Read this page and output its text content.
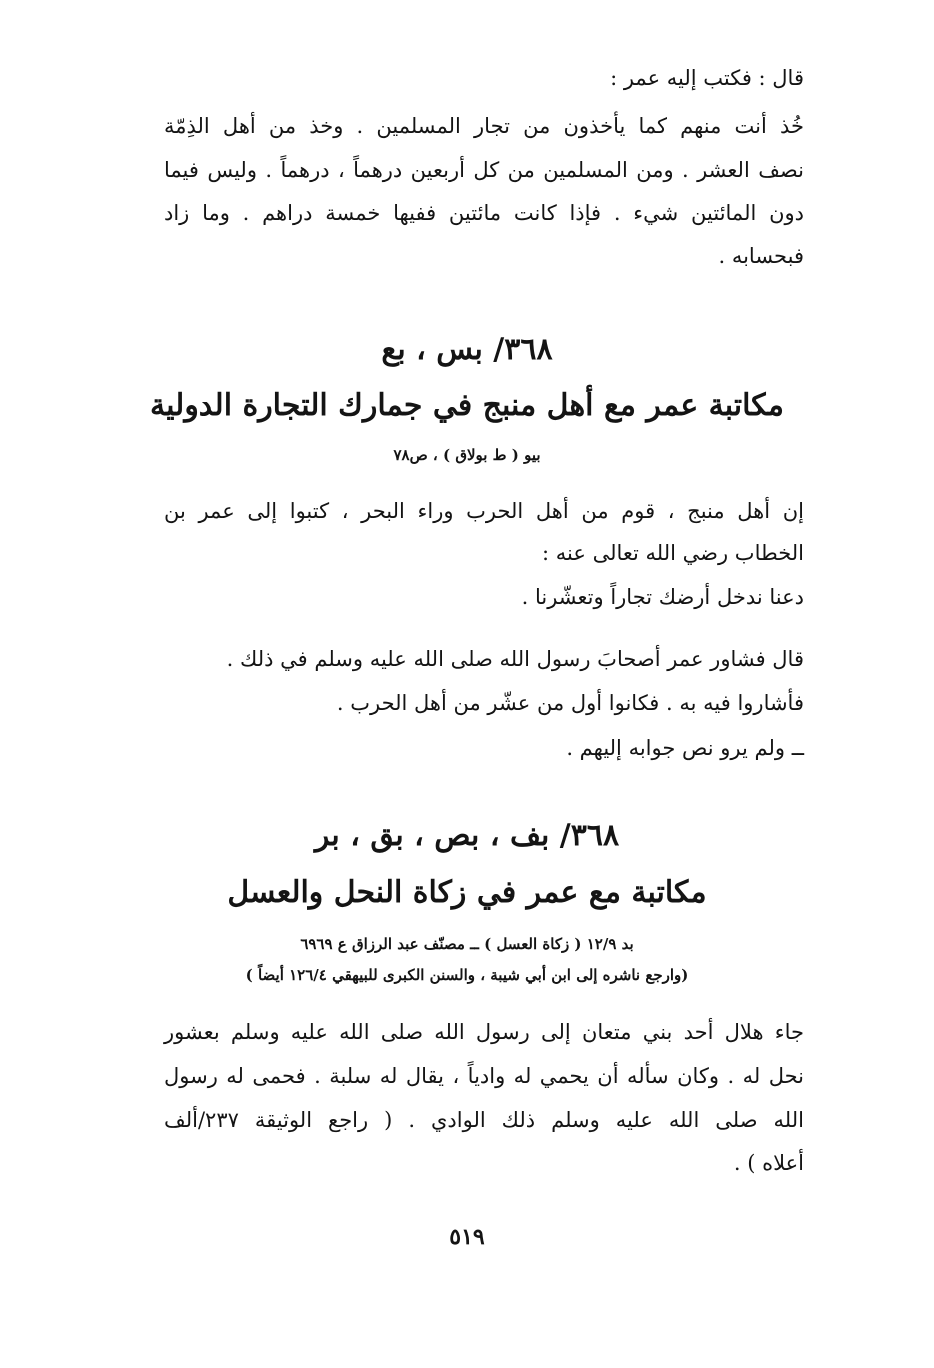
قال : فكتب إليه عمر :

خُذ أنت منهم كما يأخذون من تجار المسلمين . وخذ من أهل الذِمّة

نصف العشر . ومن المسلمين من كل أربعين درهماً ، درهماً . وليس فيما

دون المائتين شيء . فإذا كانت مائتين ففيها خمسة دراهم . وما زاد

فبحسابه .

٣٦٨/ بس ، بع

مكاتبة عمر مع أهل منبج في جمارك التجارة الدولية

بيو ( ط بولاق ) ، ص٧٨

إن أهل منبج ، قوم من أهل الحرب وراء البحر ، كتبوا إلى عمر بن

الخطاب رضي الله تعالى عنه :

دعنا ندخل أرضك تجاراً وتعشّرنا .

قال فشاور عمر أصحابَ رسول الله صلى الله عليه وسلم في ذلك .

فأشاروا فيه به . فكانوا أول من عشّر من أهل الحرب .

ــ ولم يرو نص جوابه إليهم .

٣٦٨/ بف ، بص ، بق ، بر

مكاتبة مع عمر في زكاة النحل والعسل

بد ١٢/٩ ( زكاة العسل ) ــ مصنّف عبد الرزاق ع ٦٩٦٩

(وارجع ناشره إلى ابن أبي شيبة ، والسنن الكبرى للبيهقي ١٢٦/٤ أيضاً )

جاء هلال أحد بني متعان إلى رسول الله صلى الله عليه وسلم بعشور

نحل له . وكان سأله أن يحمي له وادياً ، يقال له سلبة . فحمى له رسول

الله صلى الله عليه وسلم ذلك الوادي . ( راجع الوثيقة ٢٣٧/ألف

أعلاه ) .

٥١٩
